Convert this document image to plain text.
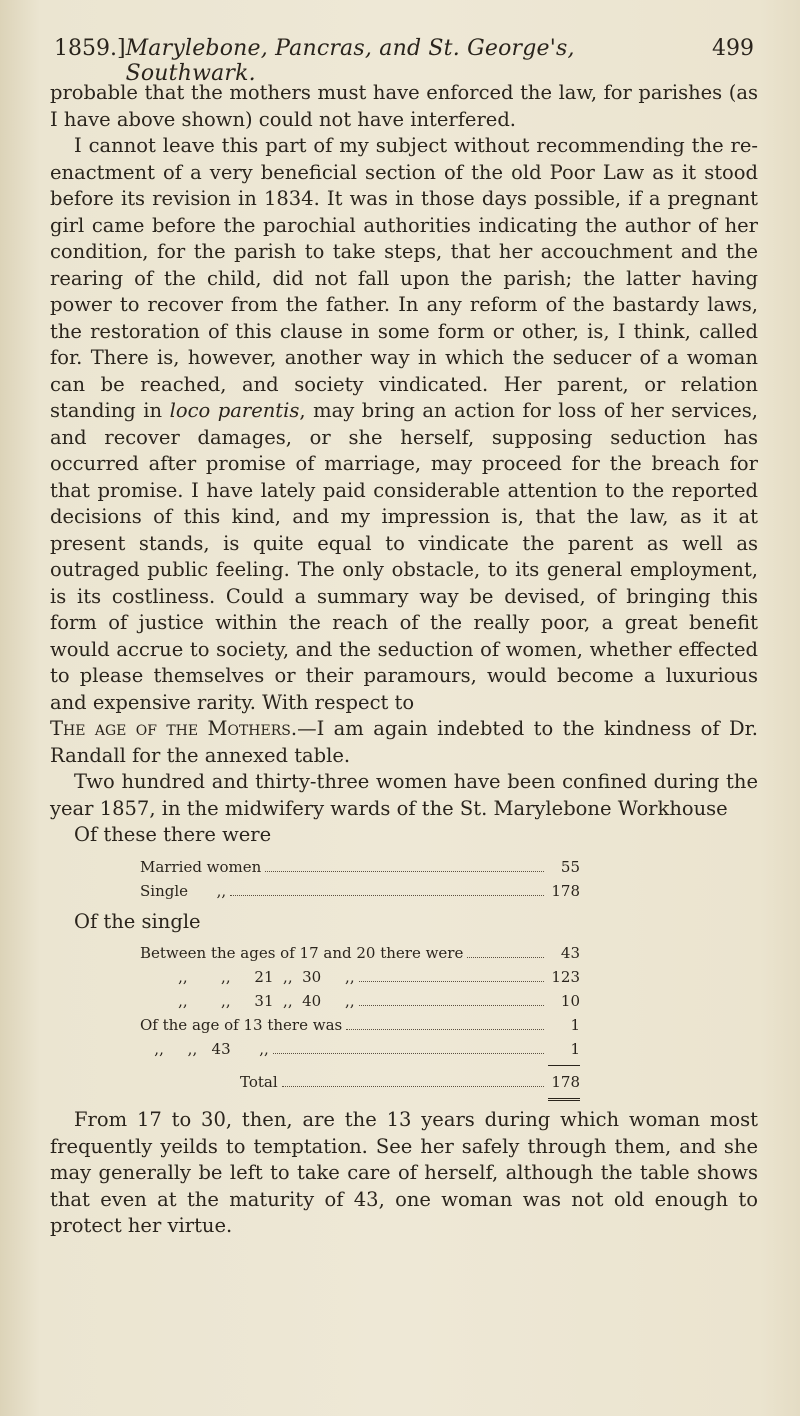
1859.] Marylebone, Pancras, and St. George's, Southwark.
499

probable that the mothers must have enforced the law, for parishes (as I have above shown) could not have interfered.

I cannot leave this part of my subject without recommending the re-enactment of a very beneficial section of the old Poor Law as it stood before its revision in 1834. It was in those days possible, if a pregnant girl came before the parochial authorities indicating the author of her condition, for the parish to take steps, that her accouchment and the rearing of the child, did not fall upon the parish; the latter having power to recover from the father. In any reform of the bastardy laws, the restoration of this clause in some form or other, is, I think, called for. There is, however, another way in which the seducer of a woman can be reached, and society vindicated. Her parent, or relation standing in loco parentis, may bring an action for loss of her services, and recover damages, or she herself, supposing seduction has occurred after promise of marriage, may proceed for the breach for that promise. I have lately paid considerable attention to the reported decisions of this kind, and my impression is, that the law, as it at present stands, is quite equal to vindicate the parent as well as outraged public feeling. The only obstacle, to its general employment, is its costliness. Could a summary way be devised, of bringing this form of justice within the reach of the really poor, a great benefit would accrue to society, and the seduction of women, whether effected to please themselves or their paramours, would become a luxurious and expensive rarity. With respect to

The age of the Mothers.—I am again indebted to the kindness of Dr. Randall for the annexed table.

Two hundred and thirty-three women have been confined during the year 1857, in the midwifery wards of the St. Marylebone Workhouse

Of these there were

Married women	55
Single      ,,	178

Of the single

Between the ages of 17 and 20 there were	43
,,       ,,     21  ,,  30     ,,	123
,,       ,,     31  ,,  40     ,,	10
Of the age of 13 there was	1
,,     ,,   43      ,,	1
Total	178

From 17 to 30, then, are the 13 years during which woman most frequently yeilds to temptation. See her safely through them, and she may generally be left to take care of herself, although the table shows that even at the maturity of 43, one woman was not old enough to protect her virtue.
